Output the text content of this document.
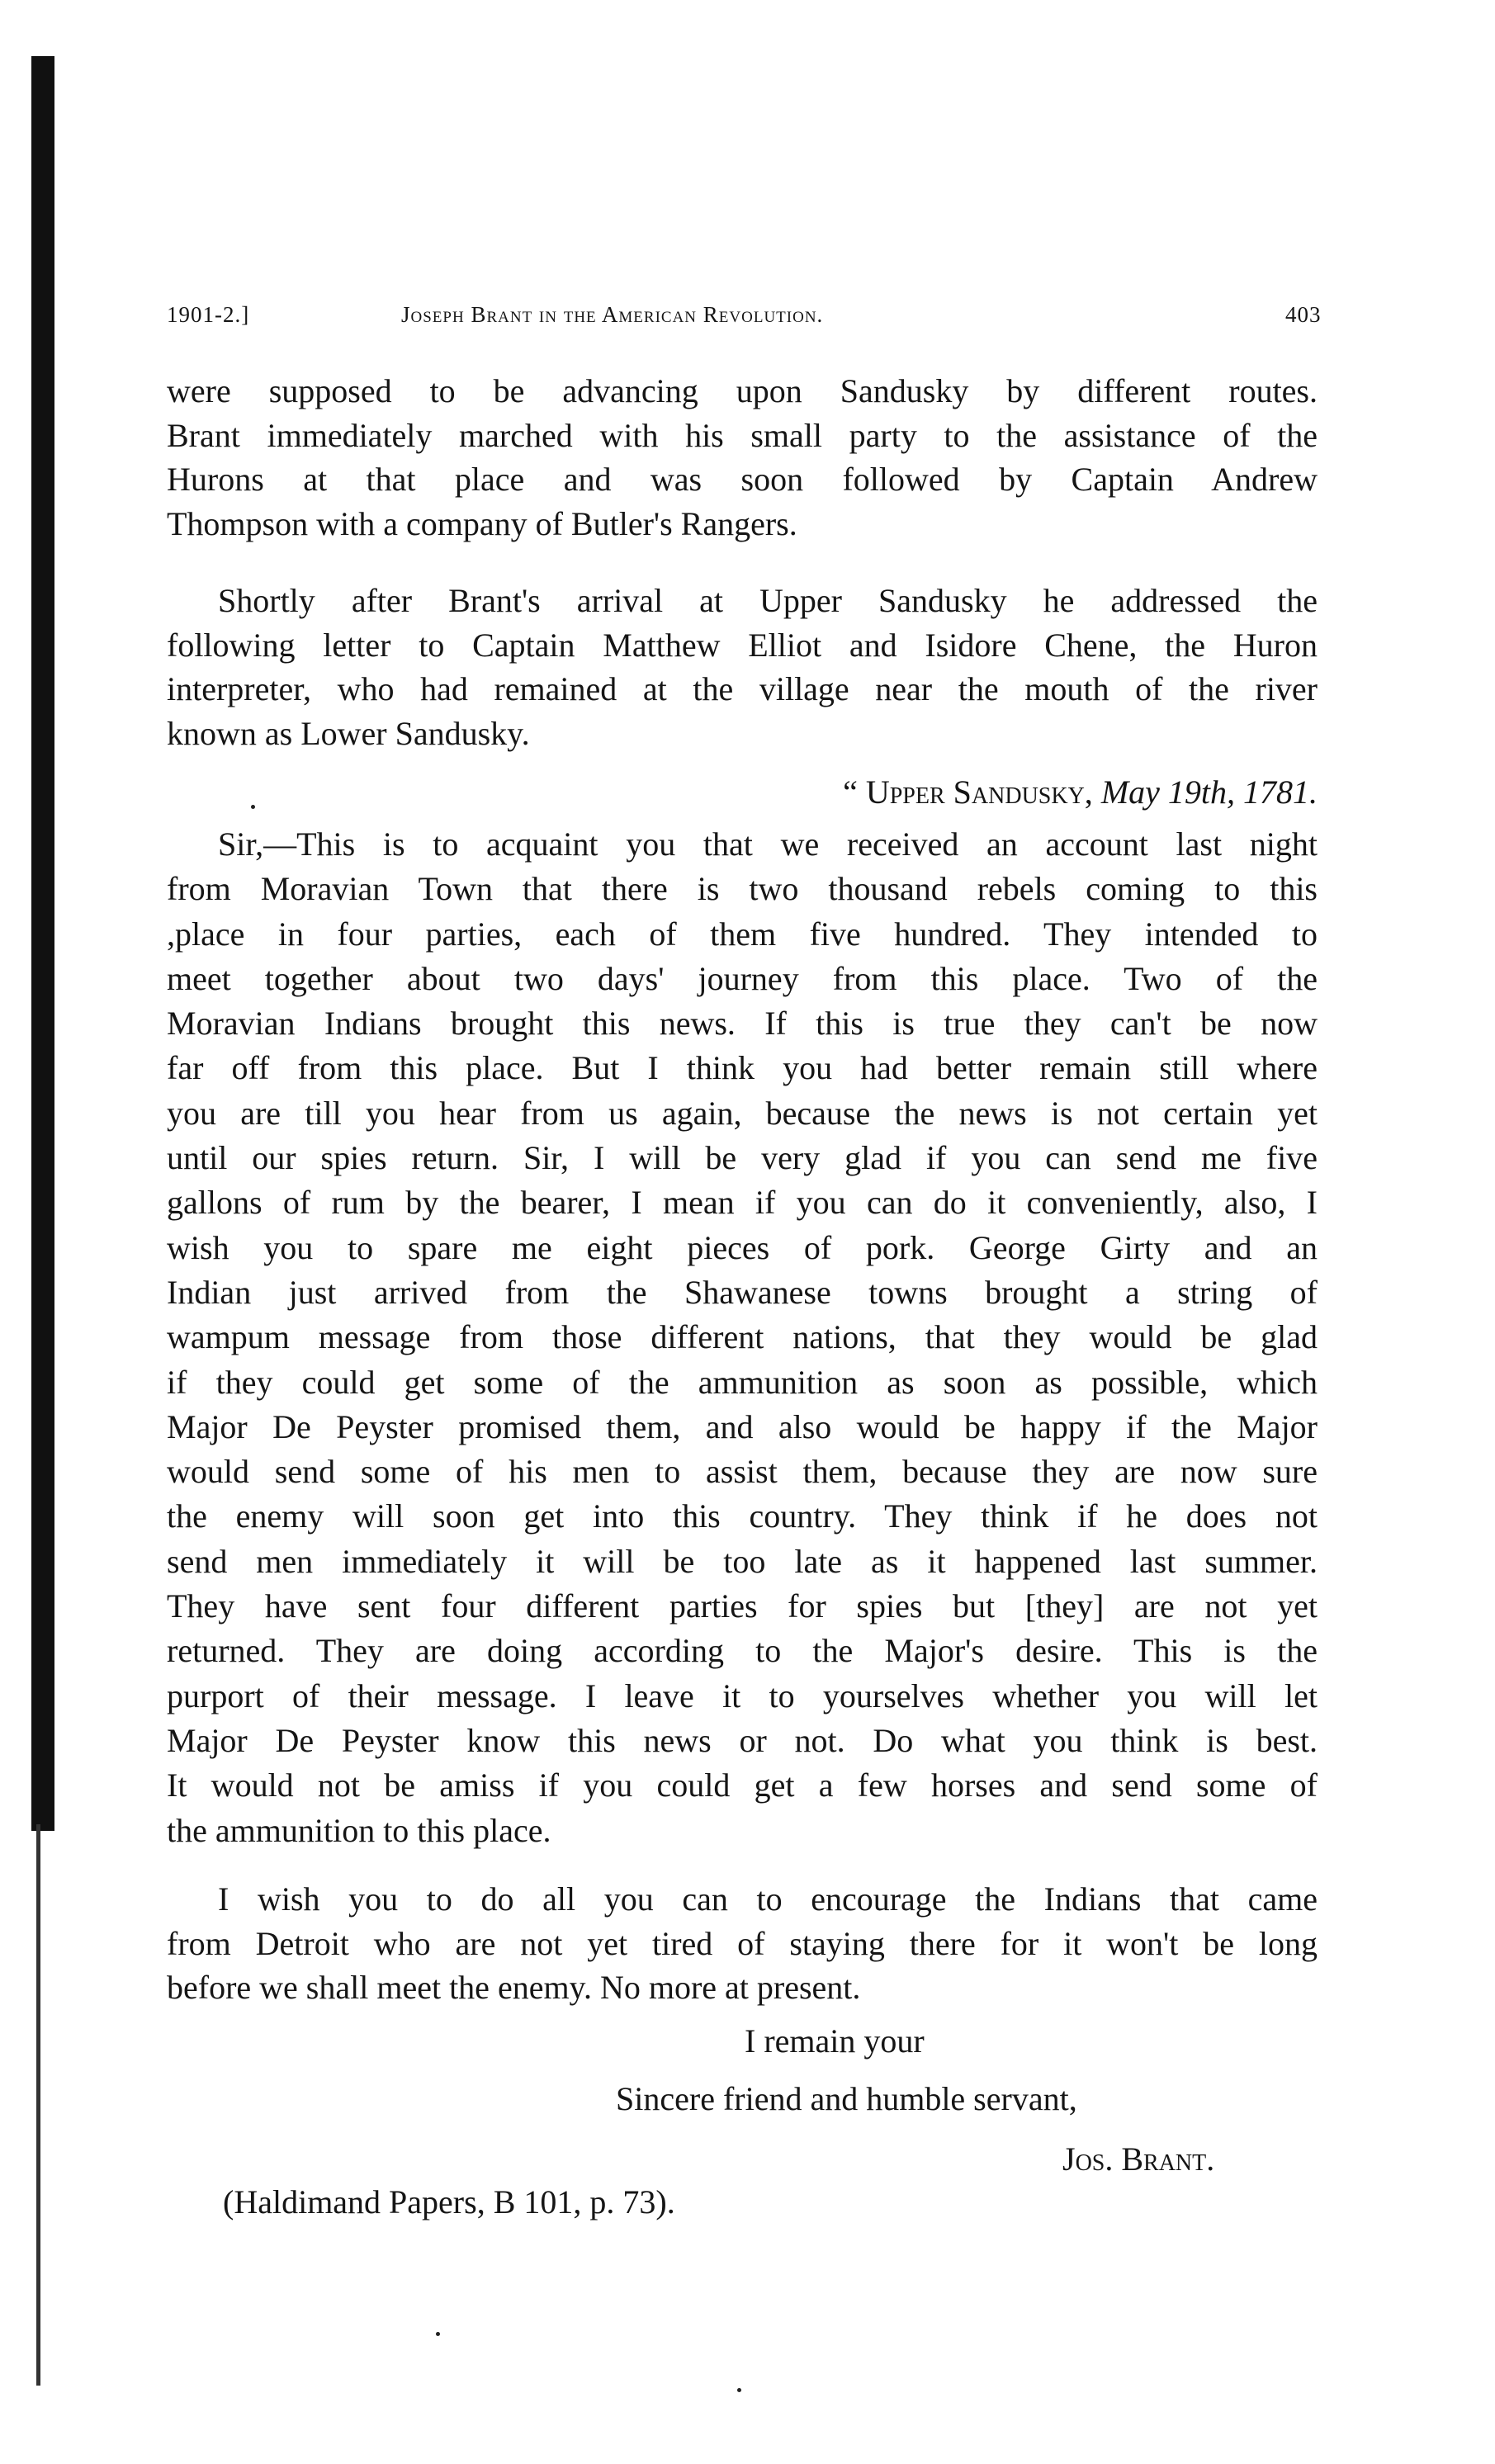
1901-2.]	Joseph Brant in the American Revolution.	403
were supposed to be advancing upon Sandusky by different routes.
Brant immediately marched with his small party to the assistance of the
Hurons at that place and was soon followed by Captain Andrew
Thompson with a company of Butler's Rangers.
Shortly after Brant's arrival at Upper Sandusky he addressed the
following letter to Captain Matthew Elliot and Isidore Chene, the Huron
interpreter, who had remained at the village near the mouth of the river
known as Lower Sandusky.
“ Upper Sandusky, May 19th, 1781.
Sir,—This is to acquaint you that we received an account last night
from Moravian Town that there is two thousand rebels coming to this
,place in four parties, each of them five hundred. They intended to
meet together about two days' journey from this place. Two of the
Moravian Indians brought this news. If this is true they can't be now
far off from this place. But I think you had better remain still where
you are till you hear from us again, because the news is not certain yet
until our spies return. Sir, I will be very glad if you can send me five
gallons of rum by the bearer, I mean if you can do it conveniently, also, I
wish you to spare me eight pieces of pork. George Girty and an
Indian just arrived from the Shawanese towns brought a string of
wampum message from those different nations, that they would be glad
if they could get some of the ammunition as soon as possible, which
Major De Peyster promised them, and also would be happy if the Major
would send some of his men to assist them, because they are now sure
the enemy will soon get into this country. They think if he does not
send men immediately it will be too late as it happened last summer.
They have sent four different parties for spies but [they] are not yet
returned. They are doing according to the Major's desire. This is the
purport of their message. I leave it to yourselves whether you will let
Major De Peyster know this news or not. Do what you think is best.
It would not be amiss if you could get a few horses and send some of
the ammunition to this place.
I wish you to do all you can to encourage the Indians that came
from Detroit who are not yet tired of staying there for it won't be long
before we shall meet the enemy. No more at present.
I remain your
Sincere friend and humble servant,
Jos. Brant.
(Haldimand Papers, B 101, p. 73).
